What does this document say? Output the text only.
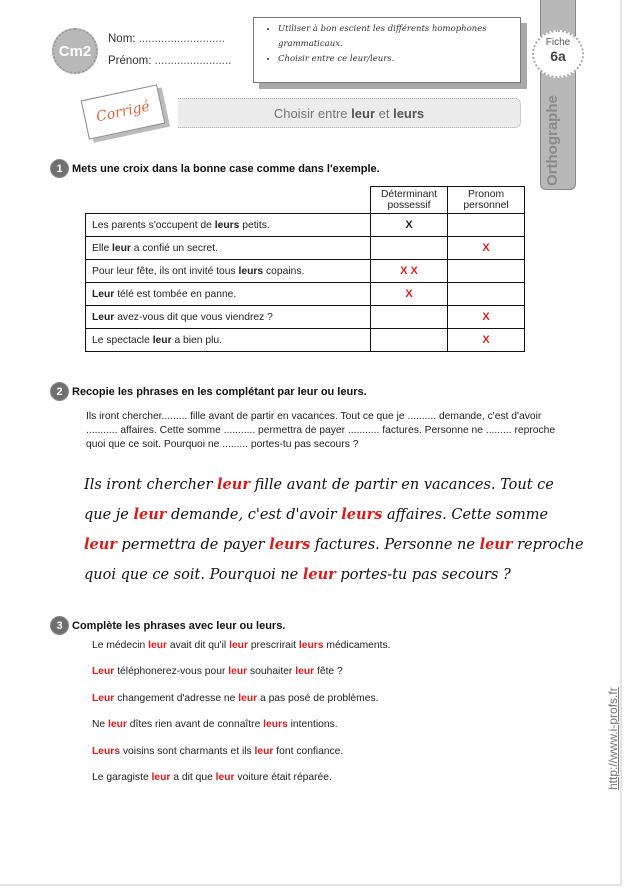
Cm2
Nom: ...........................
Prénom: ........................
• Utiliser à bon escient les différents homophones grammaticaux.
• Choisir entre ce leur/leurs.
Fiche
6a
Orthographe
Corrigé	Choisir entre
leur
et
leurs
1 Mets une croix dans la bonne case comme dans l'exemple.
	Déterminant possessif	Pronom personnel
Les parents s'occupent de leurs petits.	X	
Elle leur a confié un secret.		X
Pour leur fête, ils ont invité tous leurs copains.	X X	
Leur télé est tombée en panne.	X	
Leur avez-vous dit que vous viendrez ?		X
Le spectacle leur a bien plu.		X
2 Recopie les phrases en les complétant par leur ou leurs.
Ils iront chercher......... fille avant de partir en vacances. Tout ce que je .......... demande, c'est d'avoir ........... affaires. Cette somme ........... permettra de payer ........... factures. Personne ne ......... reproche quoi que ce soit. Pourquoi ne ......... portes-tu pas secours ?
Ils iront chercher leur fille avant de partir en vacances. Tout ce que je leur demande, c'est d'avoir leurs affaires. Cette somme leur permettra de payer leurs factures. Personne ne leur reproche quoi que ce soit. Pourquoi ne leur portes-tu pas secours ?
3 Complète les phrases avec leur ou leurs.
Le médecin leur avait dit qu'il leur prescrirait leurs médicaments.
Leur téléphonerez-vous pour leur souhaiter leur fête ?
Leur changement d'adresse ne leur a pas posé de problèmes.
Ne leur dîtes rien avant de connaître leurs intentions.
Leurs voisins sont charmants et ils leur font confiance.
Le garagiste leur a dit que leur voiture était réparée.	http://www.i-profs.fr
